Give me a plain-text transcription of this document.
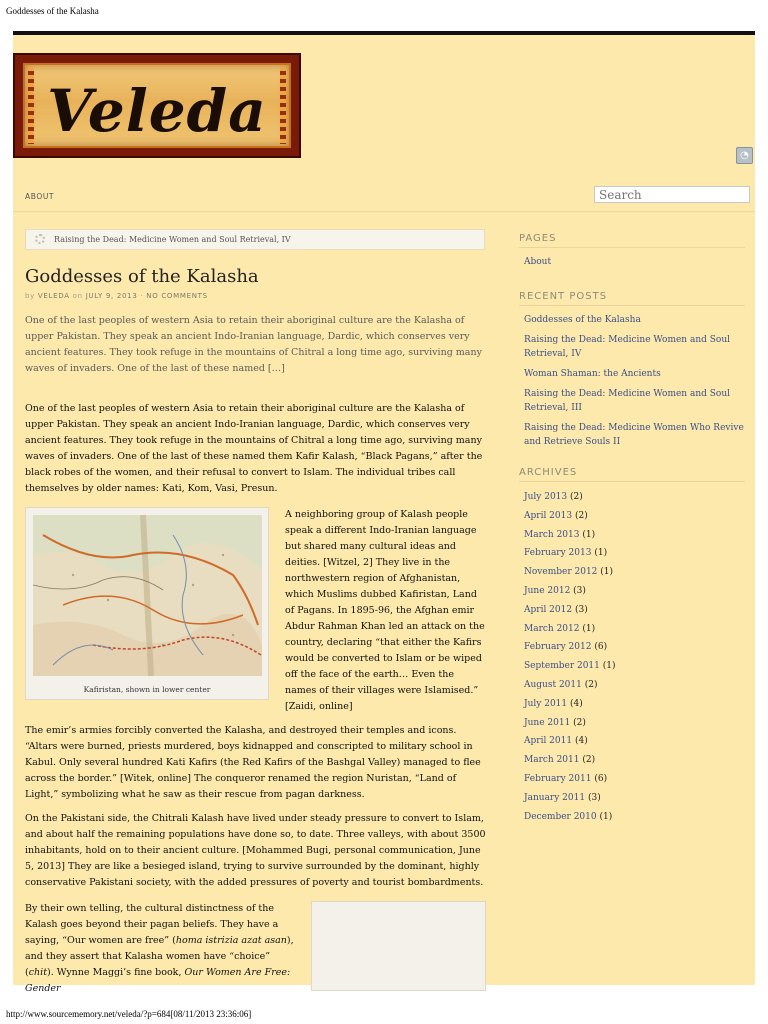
Goddesses of the Kalasha
Veleda
◔
ABOUT
Search
Raising the Dead: Medicine Women and Soul Retrieval, IV
Goddesses of the Kalasha
by VELEDA on JULY 9, 2013 · NO COMMENTS
One of the last peoples of western Asia to retain their aboriginal culture are the Kalasha of upper Pakistan. They speak an ancient Indo-Iranian language, Dardic, which conserves very ancient features. They took refuge in the mountains of Chitral a long time ago, surviving many waves of invaders. One of the last of these named […]
One of the last peoples of western Asia to retain their aboriginal culture are the Kalasha of upper Pakistan. They speak an ancient Indo-Iranian language, Dardic, which conserves very ancient features. They took refuge in the mountains of Chitral a long time ago, surviving many waves of invaders. One of the last of these named them Kafir Kalash, “Black Pagans,” after the black robes of the women, and their refusal to convert to Islam. The individual tribes call themselves by older names: Kati, Kom, Vasi, Presun.
Kafiristan, shown in lower center
A neighboring group of Kalash people speak a different Indo-Iranian language but shared many cultural ideas and deities. [Witzel, 2] They live in the northwestern region of Afghanistan, which Muslims dubbed Kafiristan, Land of Pagans. In 1895-96, the Afghan emir Abdur Rahman Khan led an attack on the country, declaring “that either the Kafirs would be converted to Islam or be wiped off the face of the earth… Even the names of their villages were Islamised.” [Zaidi, online]
The emir’s armies forcibly converted the Kalasha, and destroyed their temples and icons. “Altars were burned, priests murdered, boys kidnapped and conscripted to military school in Kabul. Only several hundred Kati Kafirs (the Red Kafirs of the Bashgal Valley) managed to flee across the border.” [Witek, online] The conqueror renamed the region Nuristan, “Land of Light,” symbolizing what he saw as their rescue from pagan darkness.
On the Pakistani side, the Chitrali Kalash have lived under steady pressure to convert to Islam, and about half the remaining populations have done so, to date. Three valleys, with about 3500 inhabitants, hold on to their ancient culture. [Mohammed Bugi, personal communication, June 5, 2013] They are like a besieged island, trying to survive surrounded by the dominant, highly conservative Pakistani society, with the added pressures of poverty and tourist bombardments.
By their own telling, the cultural distinctness of the Kalash goes beyond their pagan beliefs. They have a saying, “Our women are free” (homa istrizia azat asan), and they assert that Kalasha women have “choice” (chit). Wynne Maggi’s fine book, Our Women Are Free: Gender
PAGES
About
RECENT POSTS
Goddesses of the Kalasha
Raising the Dead: Medicine Women and Soul Retrieval, IV
Woman Shaman: the Ancients
Raising the Dead: Medicine Women and Soul Retrieval, III
Raising the Dead: Medicine Women Who Revive and Retrieve Souls II
ARCHIVES
July 2013 (2)
April 2013 (2)
March 2013 (1)
February 2013 (1)
November 2012 (1)
June 2012 (3)
April 2012 (3)
March 2012 (1)
February 2012 (6)
September 2011 (1)
August 2011 (2)
July 2011 (4)
June 2011 (2)
April 2011 (4)
March 2011 (2)
February 2011 (6)
January 2011 (3)
December 2010 (1)
http://www.sourcememory.net/veleda/?p=684[08/11/2013 23:36:06]
